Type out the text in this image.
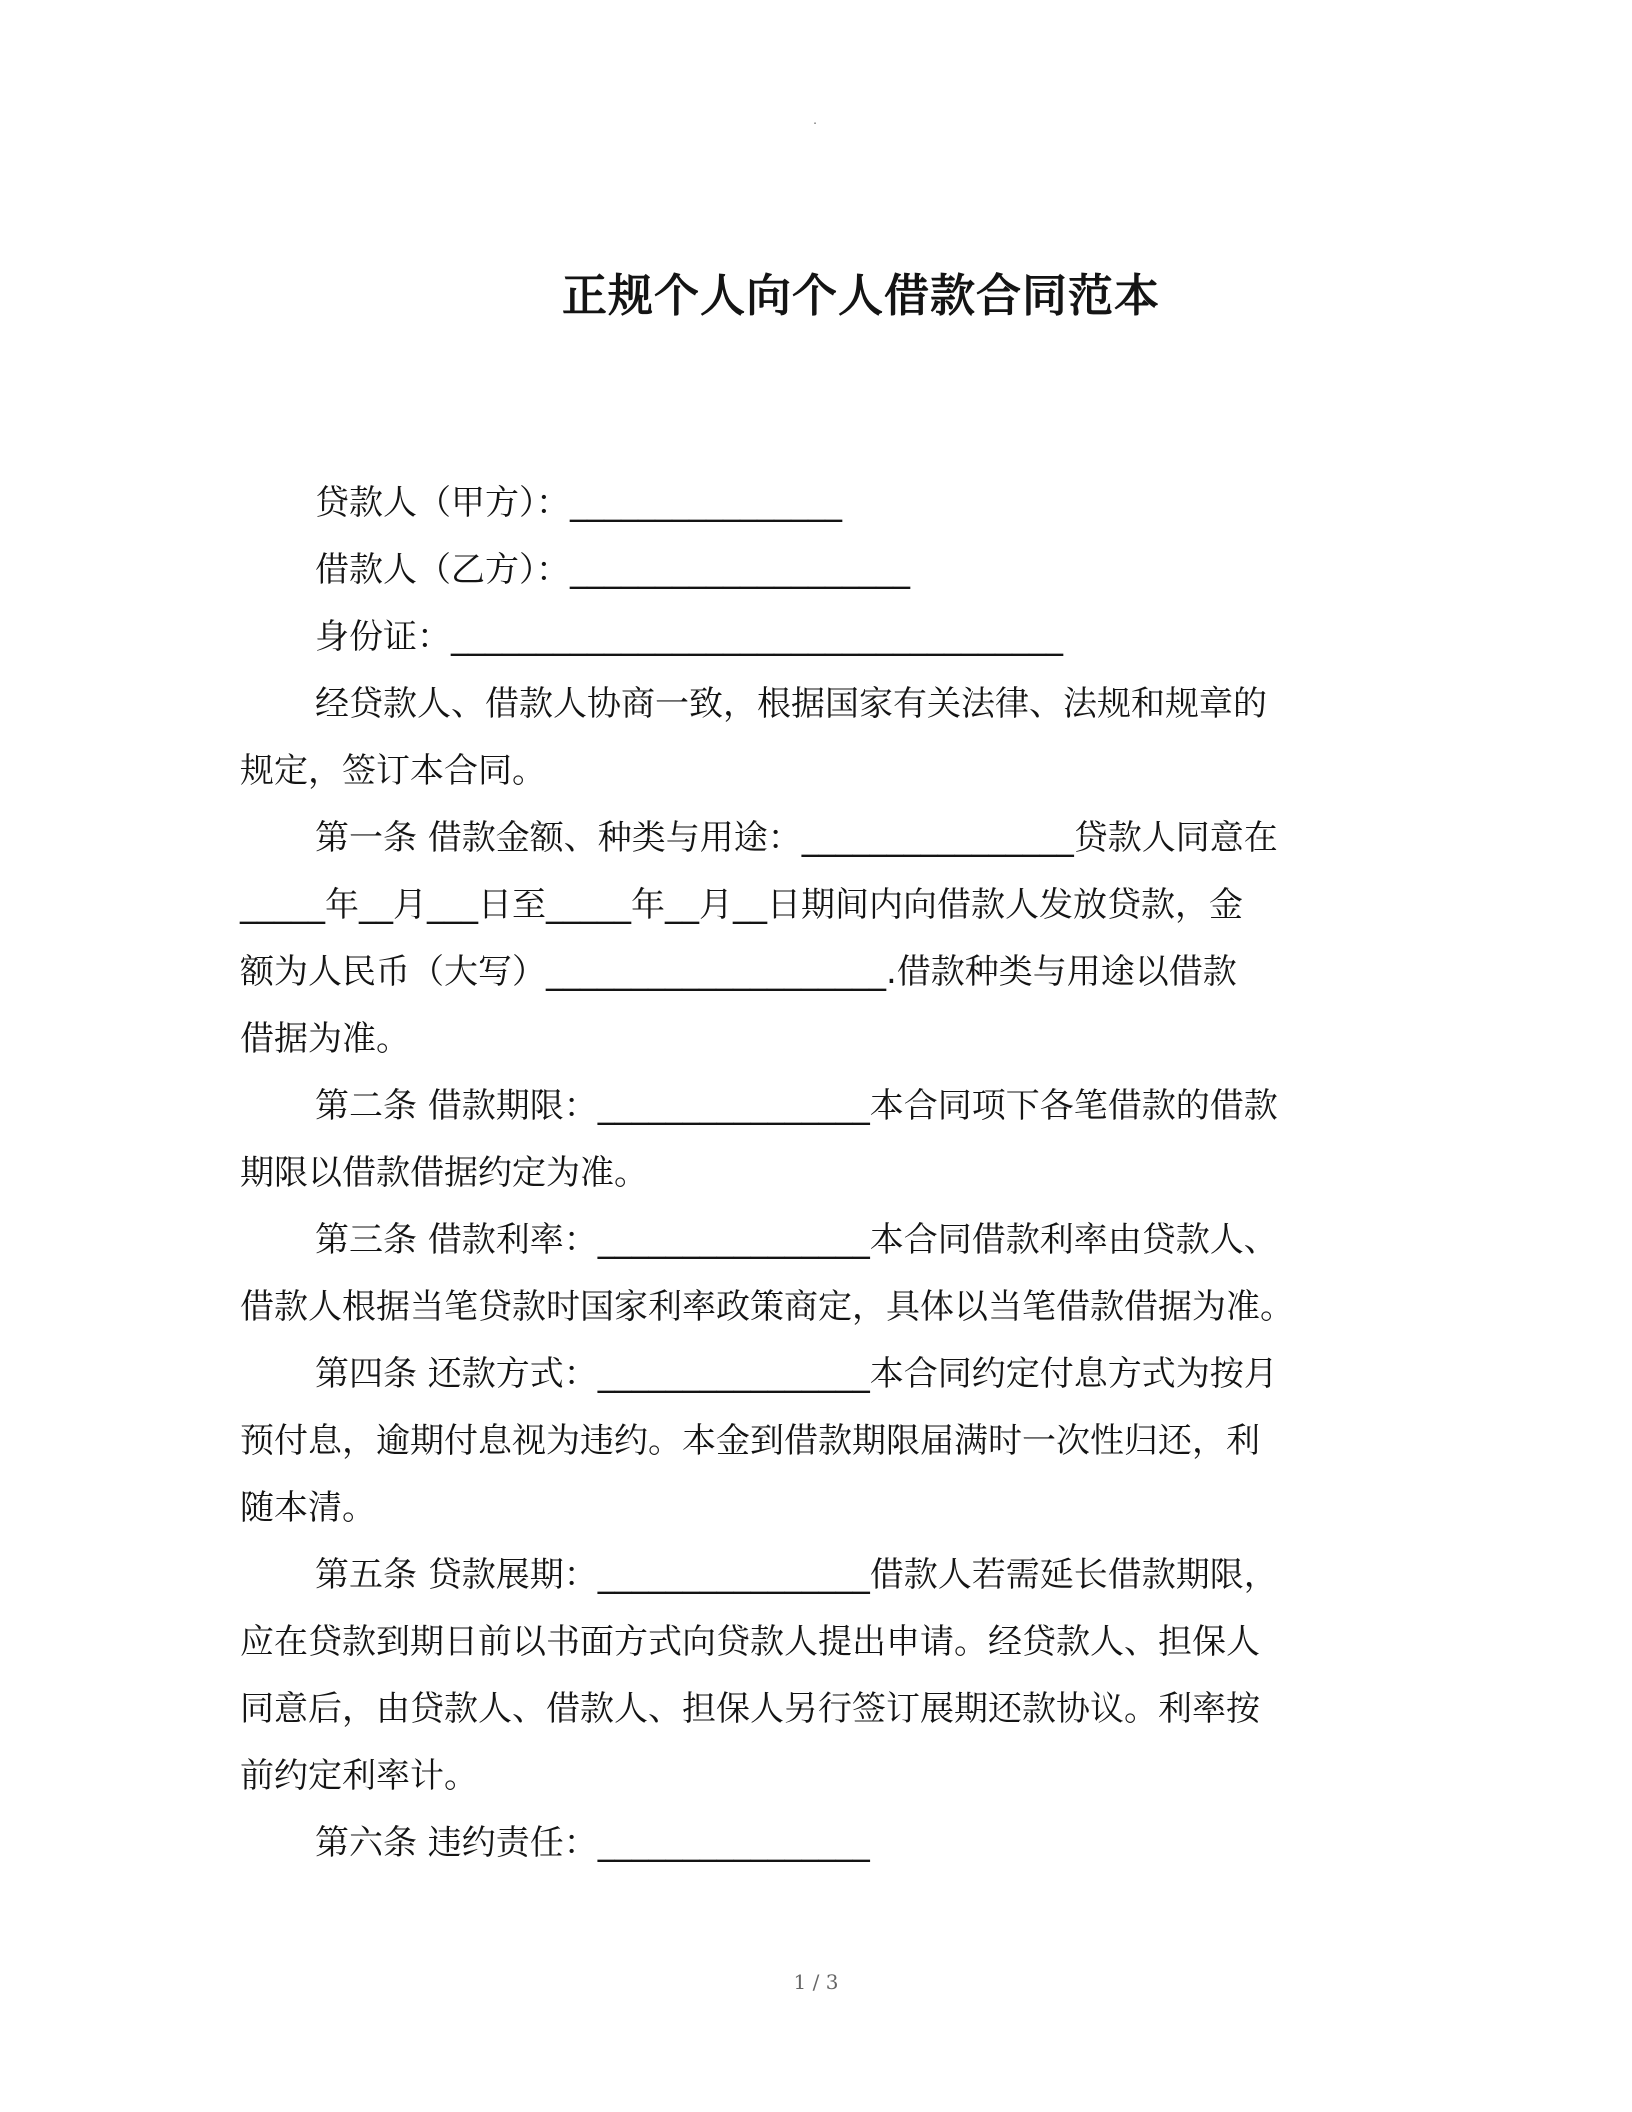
.
正规个人向个人借款合同范本

贷款人（甲方）：________________

借款人（乙方）：____________________

身份证：____________________________________

经贷款人、借款人协商一致，根据国家有关法律、法规和规章的

规定，签订本合同。

第一条 借款金额、种类与用途：________________贷款人同意在

_____年__月___日至_____年__月__日期间内向借款人发放贷款，金

额为人民币（大写）____________________.借款种类与用途以借款

借据为准。

第二条 借款期限：________________本合同项下各笔借款的借款

期限以借款借据约定为准。

第三条 借款利率：________________本合同借款利率由贷款人、

借款人根据当笔贷款时国家利率政策商定，具体以当笔借款借据为准。

第四条 还款方式：________________本合同约定付息方式为按月

预付息，逾期付息视为违约。本金到借款期限届满时一次性归还，利

随本清。

第五条 贷款展期：________________借款人若需延长借款期限，

应在贷款到期日前以书面方式向贷款人提出申请。经贷款人、担保人

同意后，由贷款人、借款人、担保人另行签订展期还款协议。利率按

前约定利率计。

第六条 违约责任：________________

1 / 3
